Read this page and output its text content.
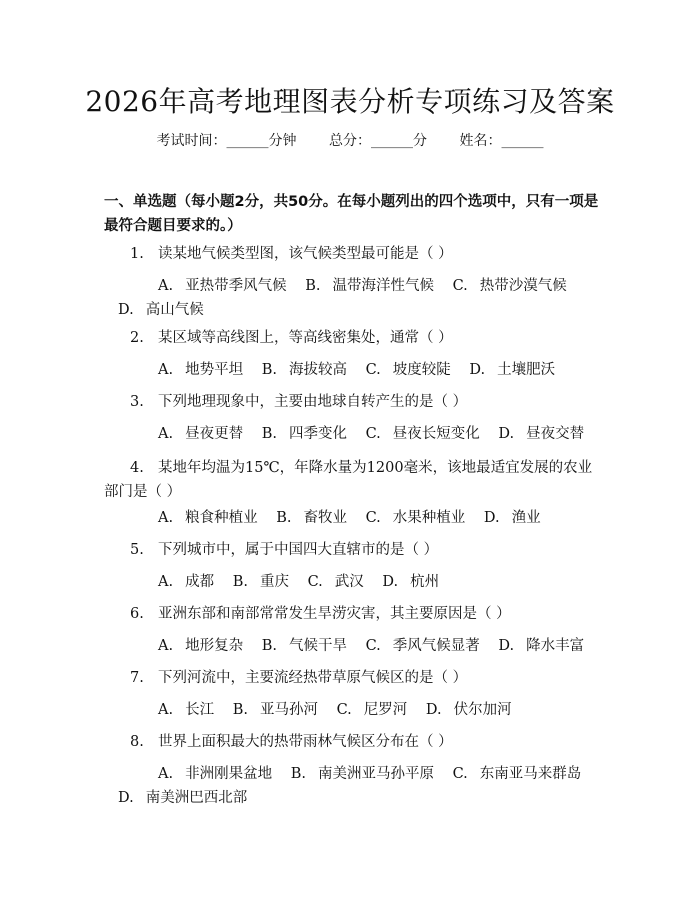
2026年高考地理图表分析专项练习及答案
考试时间：______分钟 总分：______分 姓名：______
一、单选题（每小题2分，共50分。在每小题列出的四个选项中，只有一项是最符合题目要求的。）
1. 读某地气候类型图，该气候类型最可能是（ ）
A. 亚热带季风气候 B. 温带海洋性气候 C. 热带沙漠气候 D. 高山气候
2. 某区域等高线图上，等高线密集处，通常（ ）
A. 地势平坦 B. 海拔较高 C. 坡度较陡 D. 土壤肥沃
3. 下列地理现象中，主要由地球自转产生的是（ ）
A. 昼夜更替 B. 四季变化 C. 昼夜长短变化 D. 昼夜交替
4. 某地年均温为15℃，年降水量为1200毫米，该地最适宜发展的农业部门是（ ）
A. 粮食种植业 B. 畜牧业 C. 水果种植业 D. 渔业
5. 下列城市中，属于中国四大直辖市的是（ ）
A. 成都 B. 重庆 C. 武汉 D. 杭州
6. 亚洲东部和南部常常发生旱涝灾害，其主要原因是（ ）
A. 地形复杂 B. 气候干旱 C. 季风气候显著 D. 降水丰富
7. 下列河流中，主要流经热带草原气候区的是（ ）
A. 长江 B. 亚马孙河 C. 尼罗河 D. 伏尔加河
8. 世界上面积最大的热带雨林气候区分布在（ ）
A. 非洲刚果盆地 B. 南美洲亚马孙平原 C. 东南亚马来群岛 D. 南美洲巴西北部
